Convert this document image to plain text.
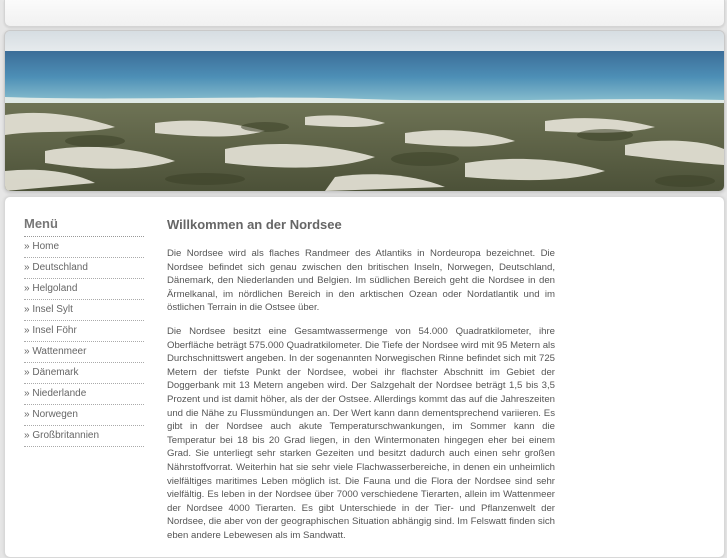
Menü
» Home
» Deutschland
» Helgoland
» Insel Sylt
» Insel Föhr
» Wattenmeer
» Dänemark
» Niederlande
» Norwegen
» Großbritannien
Willkommen an der Nordsee

Die Nordsee wird als flaches Randmeer des Atlantiks in Nordeuropa bezeichnet. Die Nordsee befindet sich genau zwischen den britischen Inseln, Norwegen, Deutschland, Dänemark, den Niederlanden und Belgien. Im südlichen Bereich geht die Nordsee in den Ärmelkanal, im nördlichen Bereich in den arktischen Ozean oder Nordatlantik und im östlichen Terrain in die Ostsee über.

Die Nordsee besitzt eine Gesamtwassermenge von 54.000 Quadratkilometer, ihre Oberfläche beträgt 575.000 Quadratkilometer. Die Tiefe der Nordsee wird mit 95 Metern als Durchschnittswert angeben. In der sogenannten Norwegischen Rinne befindet sich mit 725 Metern der tiefste Punkt der Nordsee, wobei ihr flachster Abschnitt im Gebiet der Doggerbank mit 13 Metern angeben wird. Der Salzgehalt der Nordsee beträgt 1,5 bis 3,5 Prozent und ist damit höher, als der der Ostsee. Allerdings kommt das auf die Jahreszeiten und die Nähe zu Flussmündungen an. Der Wert kann dann dementsprechend variieren. Es gibt in der Nordsee auch akute Temperaturschwankungen, im Sommer kann die Temperatur bei 18 bis 20 Grad liegen, in den Wintermonaten hingegen eher bei einem Grad. Sie unterliegt sehr starken Gezeiten und besitzt dadurch auch einen sehr großen Nährstoffvorrat. Weiterhin hat sie sehr viele Flachwasserbereiche, in denen ein unheimlich vielfältiges maritimes Leben möglich ist. Die Fauna und die Flora der Nordsee sind sehr vielfältig. Es leben in der Nordsee über 7000 verschiedene Tierarten, allein im Wattenmeer der Nordsee 4000 Tierarten. Es gibt Unterschiede in der Tier- und Pflanzenwelt der Nordsee, die aber von der geographischen Situation abhängig sind. Im Felswatt finden sich eben andere Lebewesen als im Sandwatt.
